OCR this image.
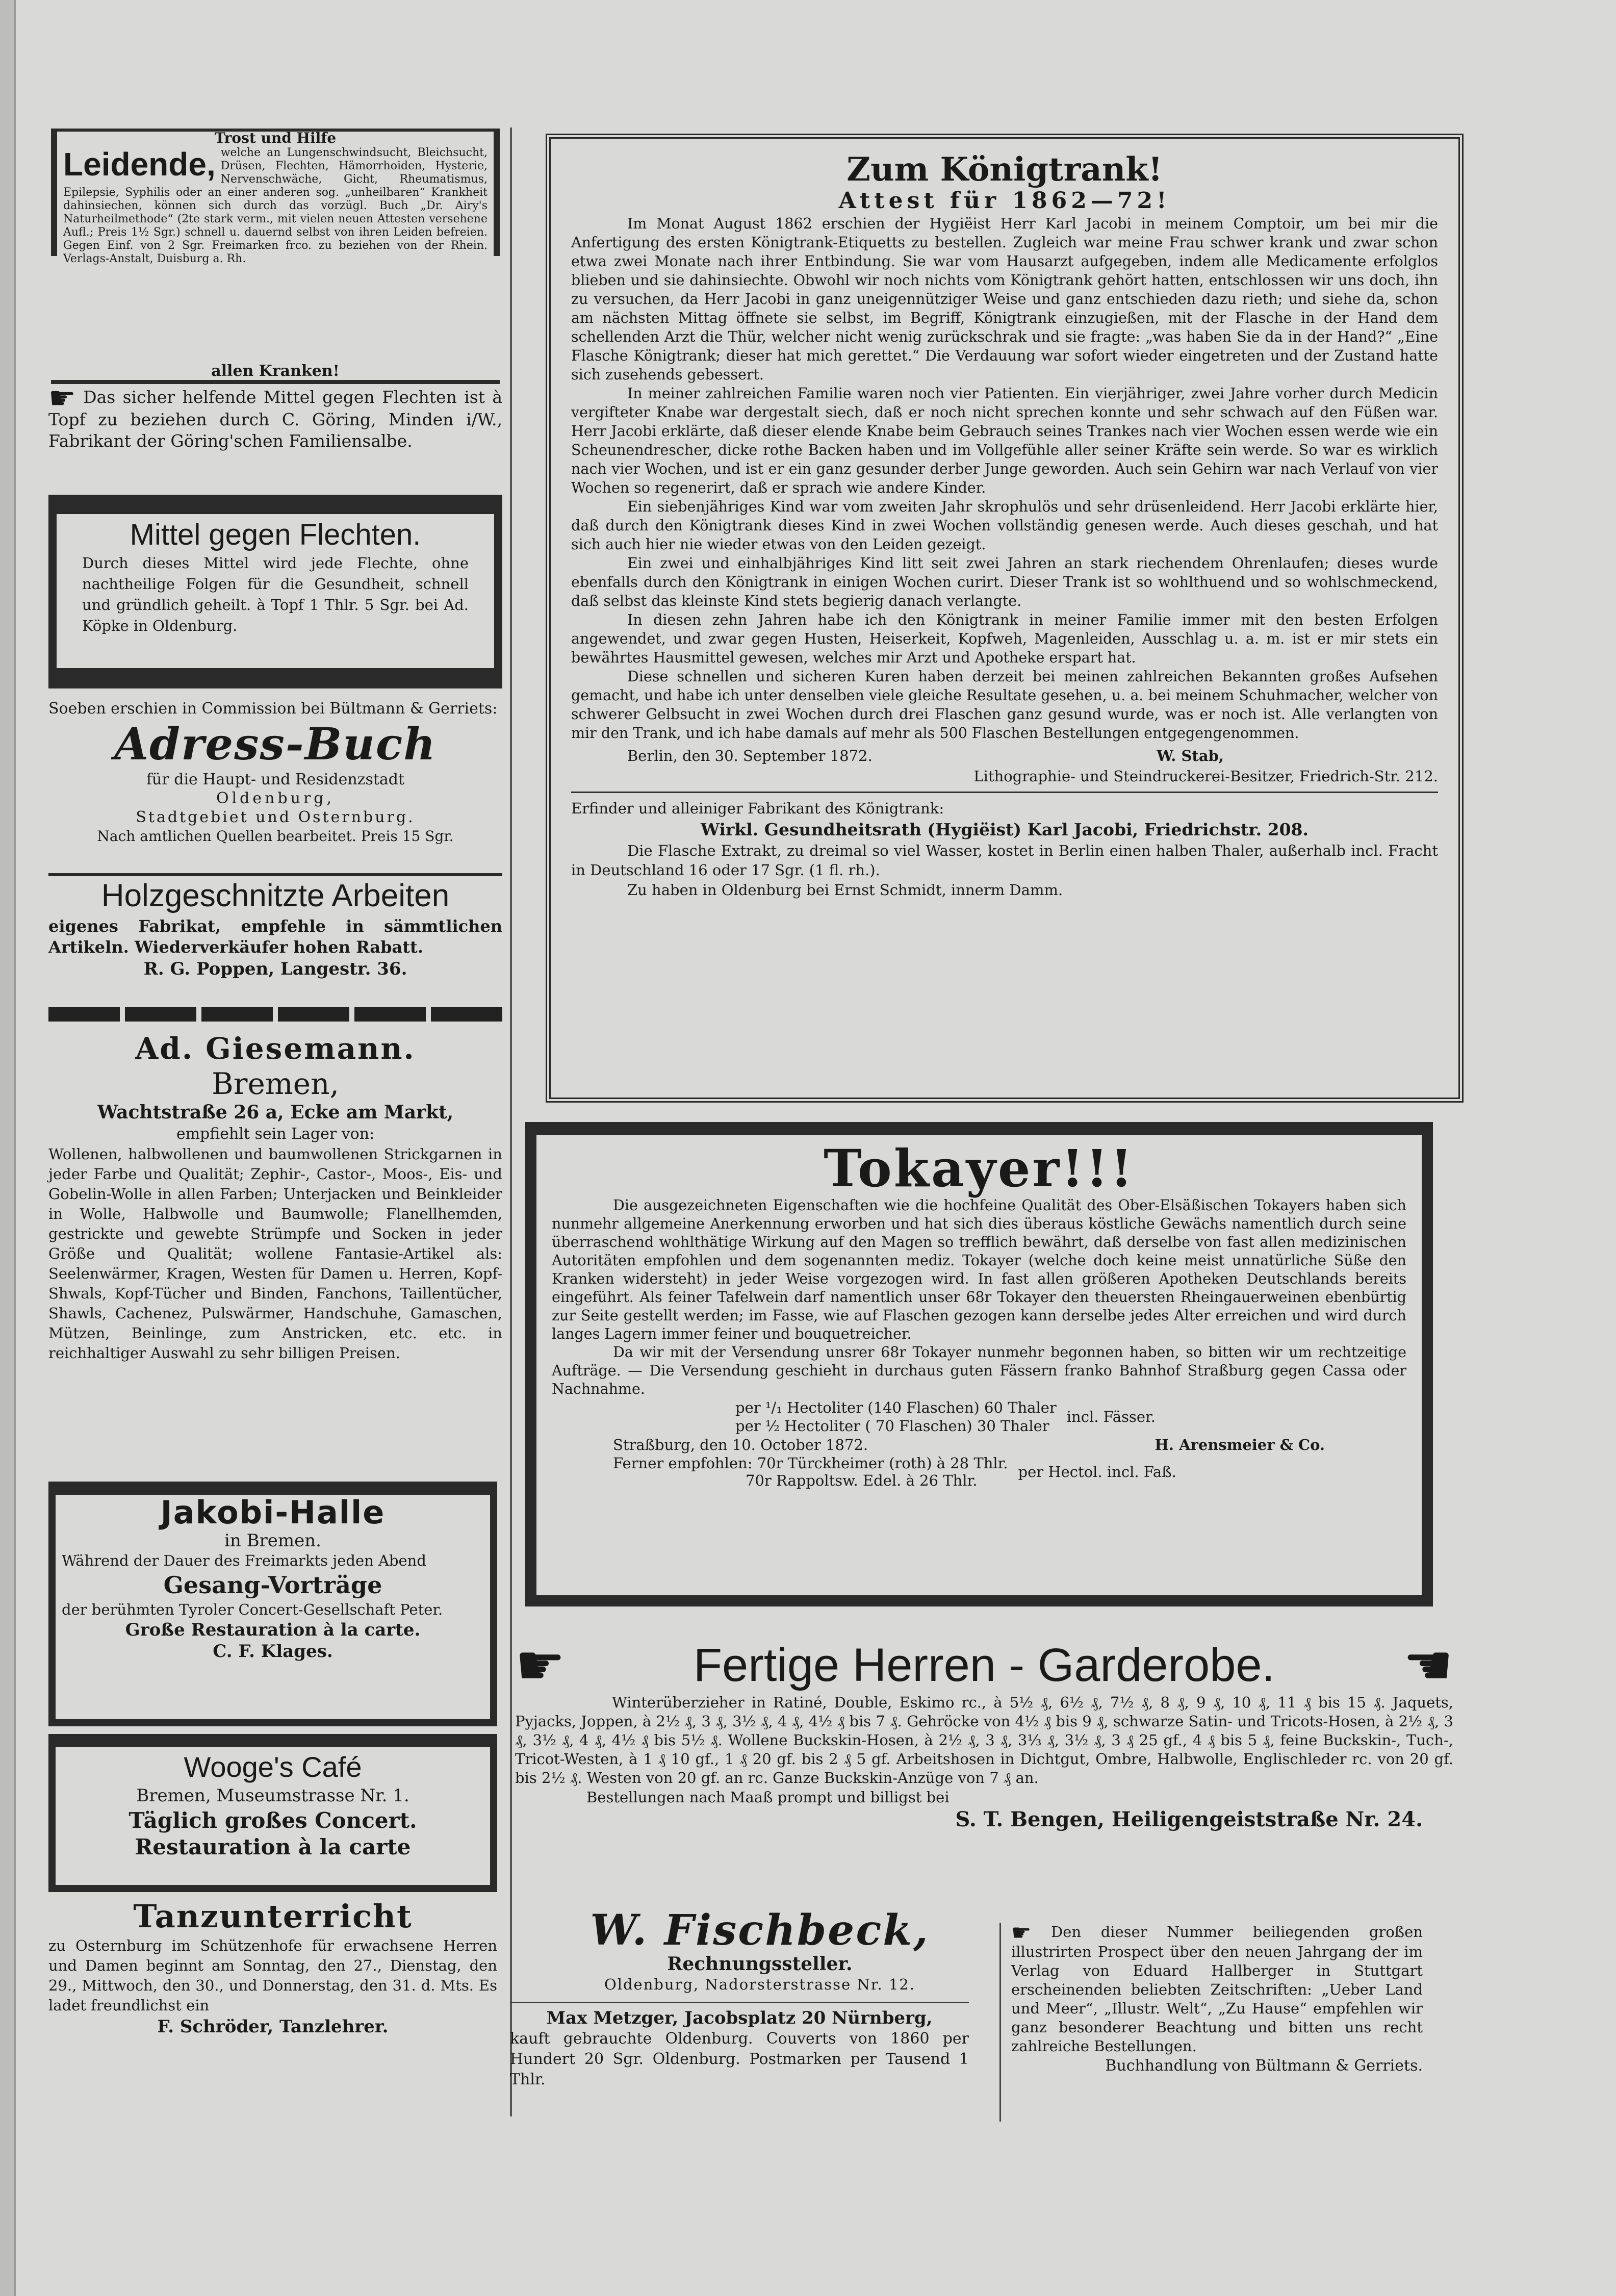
Trost und Hilfe
Leidende, welche an Lungenschwindsucht, Bleichsucht, Drüsen, Flechten, Hämorrhoiden, Hysterie, Nervenschwäche, Gicht, Rheumatismus, Epilepsie, Syphilis oder an einer anderen sog. „unheilbaren“ Krankheit dahinsiechen, können sich durch das vorzügl. Buch „Dr. Airy's Naturheilmethode“ (2te stark verm., mit vielen neuen Attesten versehene Aufl.; Preis 1½ Sgr.) schnell u. dauernd selbst von ihren Leiden befreien. Gegen Einf. von 2 Sgr. Freimarken frco. zu beziehen von der Rhein. Verlags-Anstalt, Duisburg a. Rh.
allen Kranken!
☛ Das sicher helfende Mittel gegen Flechten ist à Topf zu beziehen durch C. Göring, Minden i/W., Fabrikant der Göring'schen Familiensalbe.
Mittel gegen Flechten.
Durch dieses Mittel wird jede Flechte, ohne nachtheilige Folgen für die Gesundheit, schnell und gründlich geheilt. à Topf 1 Thlr. 5 Sgr. bei Ad. Köpke in Oldenburg.
Soeben erschien in Commission bei Bültmann & Gerriets:
Adress-Buch
für die Haupt- und Residenzstadt
Oldenburg,
Stadtgebiet und Osternburg.
Nach amtlichen Quellen bearbeitet. Preis 15 Sgr.
Holzgeschnitzte Arbeiten
eigenes Fabrikat, empfehle in sämmtlichen Artikeln. Wiederverkäufer hohen Rabatt.
R. G. Poppen, Langestr. 36.
Ad. Giesemann.
Bremen,
Wachtstraße 26 a, Ecke am Markt,
empfiehlt sein Lager von:
Wollenen, halbwollenen und baumwollenen Strickgarnen in jeder Farbe und Qualität; Zephir-, Castor-, Moos-, Eis- und Gobelin-Wolle in allen Farben; Unterjacken und Beinkleider in Wolle, Halbwolle und Baumwolle; Flanellhemden, gestrickte und gewebte Strümpfe und Socken in jeder Größe und Qualität; wollene Fantasie-Artikel als: Seelenwärmer, Kragen, Westen für Damen u. Herren, Kopf-Shwals, Kopf-Tücher und Binden, Fanchons, Taillentücher, Shawls, Cachenez, Pulswärmer, Handschuhe, Gamaschen, Mützen, Beinlinge, zum Anstricken, etc. etc. in reichhaltiger Auswahl zu sehr billigen Preisen.
Jakobi-Halle
in Bremen.
Während der Dauer des Freimarkts jeden Abend
Gesang-Vorträge
der berühmten Tyroler Concert-Gesellschaft Peter.
Große Restauration à la carte.
C. F. Klages.
Wooge's Café
Bremen, Museumstrasse Nr. 1.
Täglich großes Concert.
Restauration à la carte
Tanzunterricht
zu Osternburg im Schützenhofe für erwachsene Herren und Damen beginnt am Sonntag, den 27., Dienstag, den 29., Mittwoch, den 30., und Donnerstag, den 31. d. Mts. Es ladet freundlichst ein
F. Schröder, Tanzlehrer.
Zum Königtrank!
Attest für 1862—72!
Im Monat August 1862 erschien der Hygiëist Herr Karl Jacobi in meinem Comptoir, um bei mir die Anfertigung des ersten Königtrank-Etiquetts zu bestellen. Zugleich war meine Frau schwer krank und zwar schon etwa zwei Monate nach ihrer Entbindung. Sie war vom Hausarzt aufgegeben, indem alle Medicamente erfolglos blieben und sie dahinsiechte. Obwohl wir noch nichts vom Königtrank gehört hatten, entschlossen wir uns doch, ihn zu versuchen, da Herr Jacobi in ganz uneigennütziger Weise und ganz entschieden dazu rieth; und siehe da, schon am nächsten Mittag öffnete sie selbst, im Begriff, Königtrank einzugießen, mit der Flasche in der Hand dem schellenden Arzt die Thür, welcher nicht wenig zurückschrak und sie fragte: „was haben Sie da in der Hand?“ „Eine Flasche Königtrank; dieser hat mich gerettet.“ Die Verdauung war sofort wieder eingetreten und der Zustand hatte sich zusehends gebessert.
In meiner zahlreichen Familie waren noch vier Patienten. Ein vierjähriger, zwei Jahre vorher durch Medicin vergifteter Knabe war dergestalt siech, daß er noch nicht sprechen konnte und sehr schwach auf den Füßen war. Herr Jacobi erklärte, daß dieser elende Knabe beim Gebrauch seines Trankes nach vier Wochen essen werde wie ein Scheunendrescher, dicke rothe Backen haben und im Vollgefühle aller seiner Kräfte sein werde. So war es wirklich nach vier Wochen, und ist er ein ganz gesunder derber Junge geworden. Auch sein Gehirn war nach Verlauf von vier Wochen so regenerirt, daß er sprach wie andere Kinder.
Ein siebenjähriges Kind war vom zweiten Jahr skrophulös und sehr drüsenleidend. Herr Jacobi erklärte hier, daß durch den Königtrank dieses Kind in zwei Wochen vollständig genesen werde. Auch dieses geschah, und hat sich auch hier nie wieder etwas von den Leiden gezeigt.
Ein zwei und einhalbjähriges Kind litt seit zwei Jahren an stark riechendem Ohrenlaufen; dieses wurde ebenfalls durch den Königtrank in einigen Wochen curirt. Dieser Trank ist so wohlthuend und so wohlschmeckend, daß selbst das kleinste Kind stets begierig danach verlangte.
In diesen zehn Jahren habe ich den Königtrank in meiner Familie immer mit den besten Erfolgen angewendet, und zwar gegen Husten, Heiserkeit, Kopfweh, Magenleiden, Ausschlag u. a. m. ist er mir stets ein bewährtes Hausmittel gewesen, welches mir Arzt und Apotheke erspart hat.
Diese schnellen und sicheren Kuren haben derzeit bei meinen zahlreichen Bekannten großes Aufsehen gemacht, und habe ich unter denselben viele gleiche Resultate gesehen, u. a. bei meinem Schuhmacher, welcher von schwerer Gelbsucht in zwei Wochen durch drei Flaschen ganz gesund wurde, was er noch ist. Alle verlangten von mir den Trank, und ich habe damals auf mehr als 500 Flaschen Bestellungen entgegengenommen.
Berlin, den 30. September 1872.	W. Stab,
Lithographie- und Steindruckerei-Besitzer, Friedrich-Str. 212.
Erfinder und alleiniger Fabrikant des Königtrank:
Wirkl. Gesundheitsrath (Hygiëist) Karl Jacobi, Friedrichstr. 208.
Die Flasche Extrakt, zu dreimal so viel Wasser, kostet in Berlin einen halben Thaler, außerhalb incl. Fracht in Deutschland 16 oder 17 Sgr. (1 fl. rh.).
Zu haben in Oldenburg bei Ernst Schmidt, innerm Damm.
Tokayer!!!
Die ausgezeichneten Eigenschaften wie die hochfeine Qualität des Ober-Elsäßischen Tokayers haben sich nunmehr allgemeine Anerkennung erworben und hat sich dies überaus köstliche Gewächs namentlich durch seine überraschend wohlthätige Wirkung auf den Magen so trefflich bewährt, daß derselbe von fast allen medizinischen Autoritäten empfohlen und dem sogenannten mediz. Tokayer (welche doch keine meist unnatürliche Süße den Kranken widersteht) in jeder Weise vorgezogen wird. In fast allen größeren Apotheken Deutschlands bereits eingeführt. Als feiner Tafelwein darf namentlich unser 68r Tokayer den theuersten Rheingauerweinen ebenbürtig zur Seite gestellt werden; im Fasse, wie auf Flaschen gezogen kann derselbe jedes Alter erreichen und wird durch langes Lagern immer feiner und bouquetreicher.
Da wir mit der Versendung unsrer 68r Tokayer nunmehr begonnen haben, so bitten wir um rechtzeitige Aufträge. — Die Versendung geschieht in durchaus guten Fässern franko Bahnhof Straßburg gegen Cassa oder Nachnahme.
per ¹/₁ Hectoliter (140 Flaschen) 60 Thaler
per ½ Hectoliter ( 70 Flaschen) 30 Thaler
incl. Fässer.
Straßburg, den 10. October 1872.	H. Arensmeier & Co.
Ferner empfohlen: 70r Türckheimer (roth) à 28 Thlr.
70r Rappoltsw. Edel. à 26 Thlr.	per Hectol. incl. Faß.
☛	Fertige Herren - Garderobe. ☚
Winterüberzieher in Ratiné, Double, Eskimo rc., à 5½ ₰, 6½ ₰, 7½ ₰, 8 ₰, 9 ₰, 10 ₰, 11 ₰ bis 15 ₰. Jaquets, Pyjacks, Joppen, à 2½ ₰, 3 ₰, 3½ ₰, 4 ₰, 4½ ₰ bis 7 ₰. Gehröcke von 4½ ₰ bis 9 ₰, schwarze Satin- und Tricots-Hosen, à 2½ ₰, 3 ₰, 3½ ₰, 4 ₰, 4½ ₰ bis 5½ ₰. Wollene Buckskin-Hosen, à 2½ ₰, 3 ₰, 3⅓ ₰, 3½ ₰, 3 ₰ 25 gf., 4 ₰ bis 5 ₰, feine Buckskin-, Tuch-, Tricot-Westen, à 1 ₰ 10 gf., 1 ₰ 20 gf. bis 2 ₰ 5 gf. Arbeitshosen in Dichtgut, Ombre, Halbwolle, Englischleder rc. von 20 gf. bis 2½ ₰. Westen von 20 gf. an rc. Ganze Buckskin-Anzüge von 7 ₰ an.
Bestellungen nach Maaß prompt und billigst bei
S. T. Bengen, Heiligengeiststraße Nr. 24.
W. Fischbeck,
Rechnungssteller.
Oldenburg, Nadorsterstrasse Nr. 12.
Max Metzger, Jacobsplatz 20 Nürnberg,
kauft gebrauchte Oldenburg. Couverts von 1860 per Hundert 20 Sgr. Oldenburg. Postmarken per Tausend 1 Thlr.
☛ Den dieser Nummer beiliegenden großen illustrirten Prospect über den neuen Jahrgang der im Verlag von Eduard Hallberger in Stuttgart erscheinenden beliebten Zeitschriften: „Ueber Land und Meer“, „Illustr. Welt“, „Zu Hause“ empfehlen wir ganz besonderer Beachtung und bitten uns recht zahlreiche Bestellungen.
Buchhandlung von Bültmann & Gerriets.
